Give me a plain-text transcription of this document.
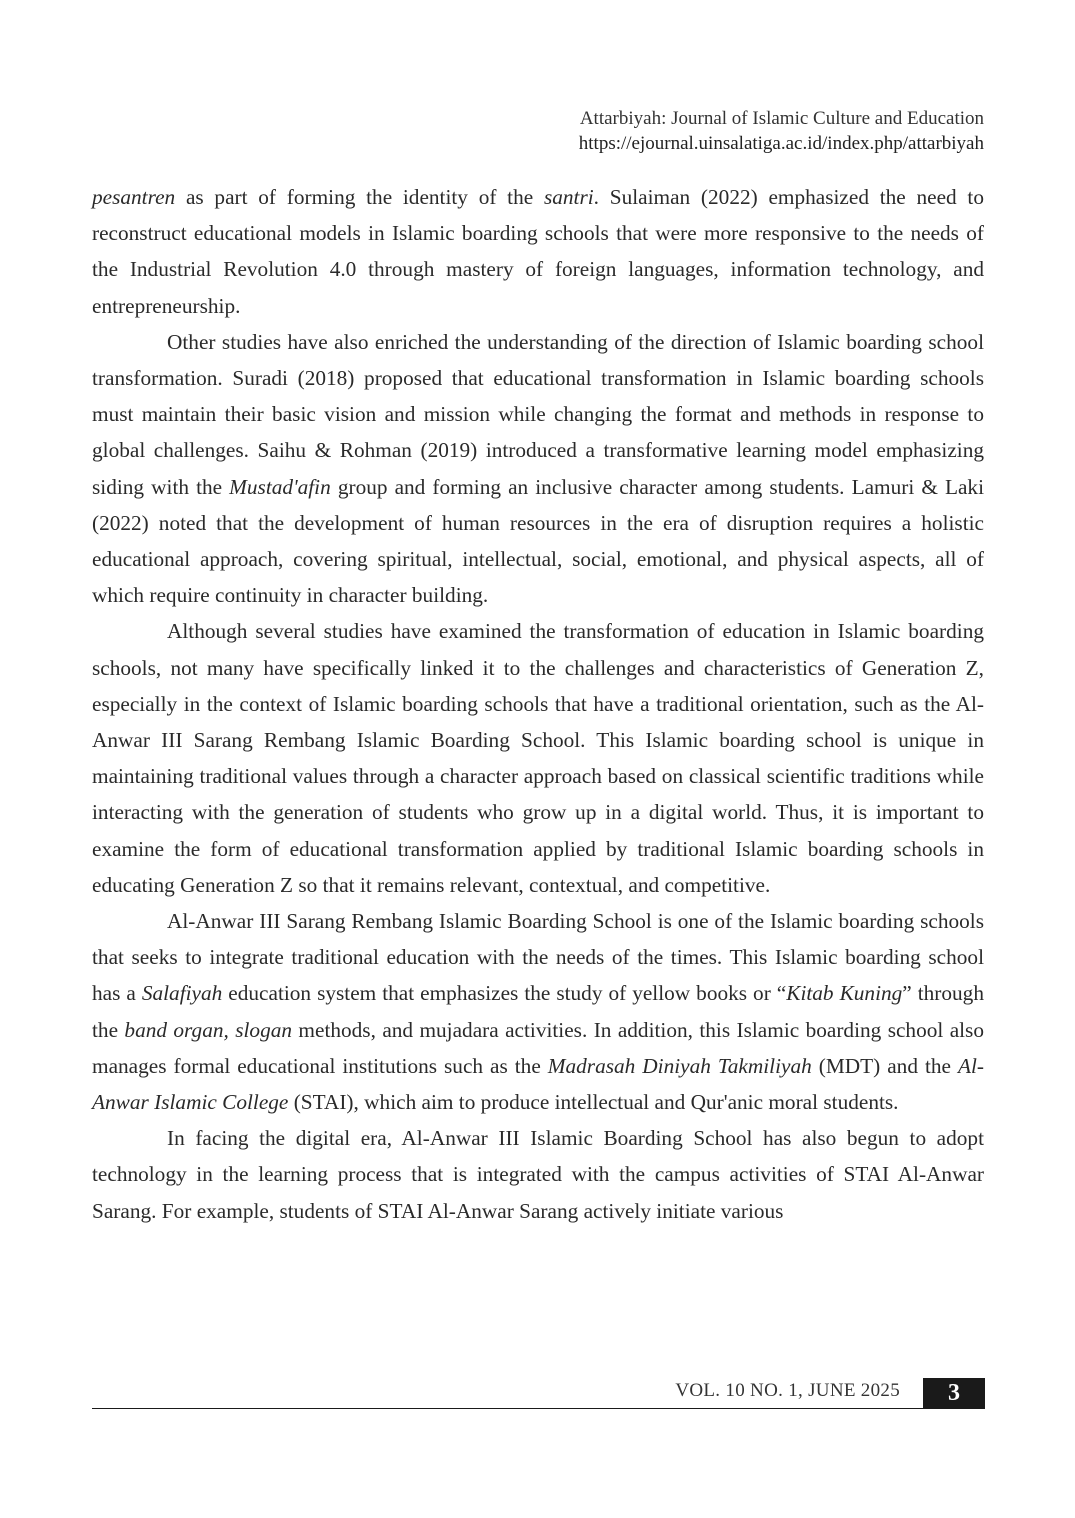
Attarbiyah: Journal of Islamic Culture and Education
https://ejournal.uinsalatiga.ac.id/index.php/attarbiyah

pesantren as part of forming the identity of the santri. Sulaiman (2022) emphasized the need to reconstruct educational models in Islamic boarding schools that were more responsive to the needs of the Industrial Revolution 4.0 through mastery of foreign languages, information technology, and entrepreneurship.

Other studies have also enriched the understanding of the direction of Islamic boarding school transformation. Suradi (2018) proposed that educational transformation in Islamic boarding schools must maintain their basic vision and mission while changing the format and methods in response to global challenges. Saihu & Rohman (2019) introduced a transformative learning model emphasizing siding with the Mustad'afin group and forming an inclusive character among students. Lamuri & Laki (2022) noted that the development of human resources in the era of disruption requires a holistic educational approach, covering spiritual, intellectual, social, emotional, and physical aspects, all of which require continuity in character building.

Although several studies have examined the transformation of education in Islamic boarding schools, not many have specifically linked it to the challenges and characteristics of Generation Z, especially in the context of Islamic boarding schools that have a traditional orientation, such as the Al-Anwar III Sarang Rembang Islamic Boarding School. This Islamic boarding school is unique in maintaining traditional values through a character approach based on classical scientific traditions while interacting with the generation of students who grow up in a digital world. Thus, it is important to examine the form of educational transformation applied by traditional Islamic boarding schools in educating Generation Z so that it remains relevant, contextual, and competitive.

Al-Anwar III Sarang Rembang Islamic Boarding School is one of the Islamic boarding schools that seeks to integrate traditional education with the needs of the times. This Islamic boarding school has a Salafiyah education system that emphasizes the study of yellow books or “Kitab Kuning” through the band organ, slogan methods, and mujadara activities. In addition, this Islamic boarding school also manages formal educational institutions such as the Madrasah Diniyah Takmiliyah (MDT) and the Al-Anwar Islamic College (STAI), which aim to produce intellectual and Qur'anic moral students.

In facing the digital era, Al-Anwar III Islamic Boarding School has also begun to adopt technology in the learning process that is integrated with the campus activities of STAI Al-Anwar Sarang. For example, students of STAI Al-Anwar Sarang actively initiate various

VOL. 10 NO. 1, JUNE 2025	3
